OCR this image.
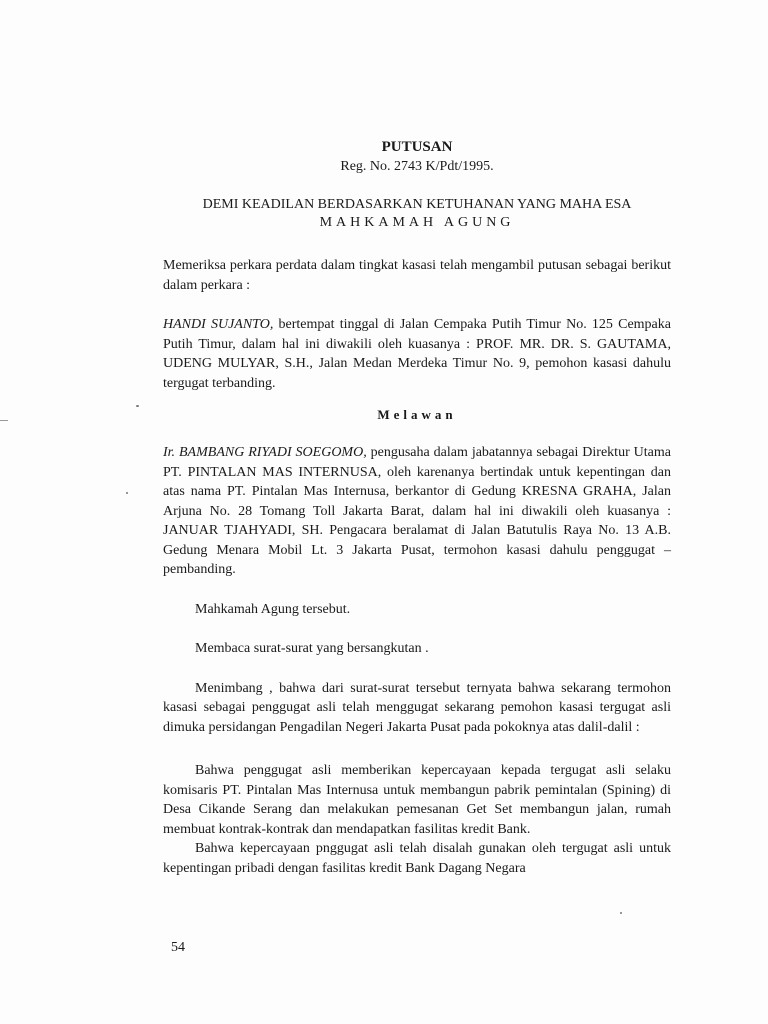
PUTUSAN
Reg. No. 2743 K/Pdt/1995.
DEMI KEADILAN BERDASARKAN KETUHANAN YANG MAHA ESA
MAHKAMAH AGUNG

Memeriksa perkara perdata dalam tingkat kasasi telah mengambil putusan sebagai berikut dalam perkara :

HANDI SUJANTO, bertempat tinggal di Jalan Cempaka Putih Timur No. 125 Cempaka Putih Timur, dalam hal ini diwakili oleh kuasanya : PROF. MR. DR. S. GAUTAMA, UDENG MULYAR, S.H., Jalan Medan Merdeka Timur No. 9, pemohon kasasi dahulu tergugat terbanding.

Melawan

Ir. BAMBANG RIYADI SOEGOMO, pengusaha dalam jabatannya sebagai Direktur Utama PT. PINTALAN MAS INTERNUSA, oleh karenanya bertindak untuk kepentingan dan atas nama PT. Pintalan Mas Internusa, berkantor di Gedung KRESNA GRAHA, Jalan Arjuna No. 28 Tomang Toll Jakarta Barat, dalam hal ini diwakili oleh kuasanya : JANUAR TJAHYADI, SH. Pengacara beralamat di Jalan Batutulis Raya No. 13 A.B. Gedung Menara Mobil Lt. 3 Jakarta Pusat, termohon kasasi dahulu penggugat –pembanding.

Mahkamah Agung tersebut.

Membaca surat-surat yang bersangkutan .

Menimbang , bahwa dari surat-surat tersebut ternyata bahwa sekarang termohon kasasi sebagai penggugat asli telah menggugat sekarang pemohon kasasi tergugat asli dimuka persidangan Pengadilan Negeri Jakarta Pusat pada pokoknya atas dalil-dalil :

Bahwa penggugat asli memberikan kepercayaan kepada tergugat asli selaku komisaris PT. Pintalan Mas Internusa untuk membangun pabrik pemintalan (Spining) di Desa Cikande Serang dan melakukan pemesanan Get Set membangun jalan, rumah membuat kontrak-kontrak dan mendapatkan fasilitas kredit Bank.

Bahwa kepercayaan pnggugat asli telah disalah gunakan oleh tergugat asli untuk kepentingan pribadi dengan fasilitas kredit Bank Dagang Negara

54
